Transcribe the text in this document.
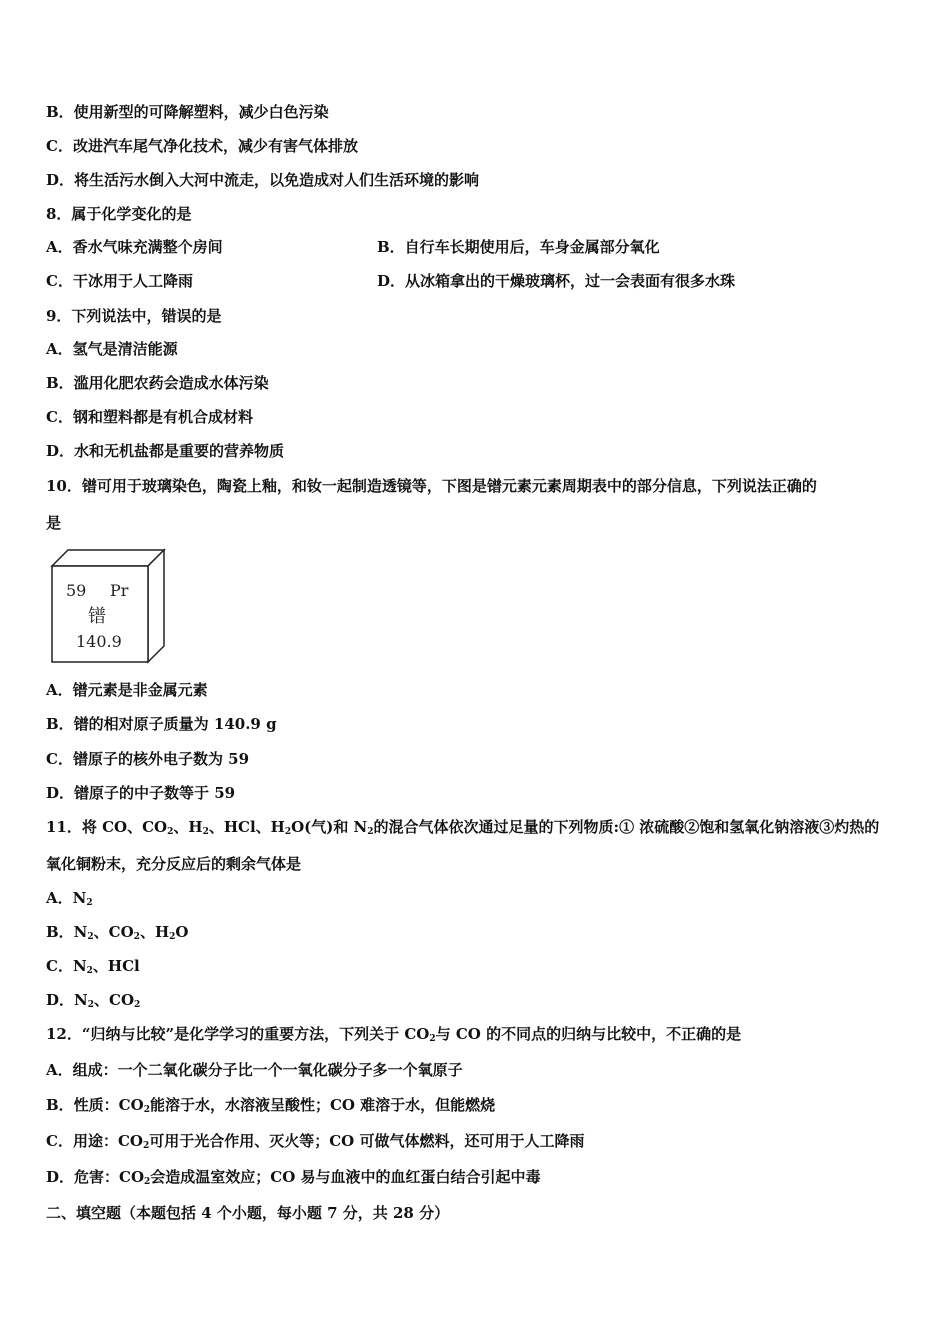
B．使用新型的可降解塑料，减少白色污染
C．改进汽车尾气净化技术，减少有害气体排放
D．将生活污水倒入大河中流走，以免造成对人们生活环境的影响
8．属于化学变化的是
A．香水气味充满整个房间	B．自行车长期使用后，车身金属部分氧化
C．干冰用于人工降雨	D．从冰箱拿出的干燥玻璃杯，过一会表面有很多水珠
9．下列说法中，错误的是
A．氢气是清洁能源
B．滥用化肥农药会造成水体污染
C．钢和塑料都是有机合成材料
D．水和无机盐都是重要的营养物质
10．镨可用于玻璃染色，陶瓷上釉，和钕一起制造透镜等，下图是镨元素元素周期表中的部分信息，下列说法正确的
是
59 Pr
镨
140.9
A．镨元素是非金属元素
B．镨的相对原子质量为 140.9 g
C．镨原子的核外电子数为 59
D．镨原子的中子数等于 59
11．将 CO、$CO_2$、$H_2$、HCl、$H_2O$(气)和 $N_2$的混合气体依次通过足量的下列物质:① 浓硫酸②饱和氢氧化钠溶液③灼热的
氧化铜粉末，充分反应后的剩余气体是
A．$N_2$
B．$N_2$、$CO_2$、$H_2O$
C．$N_2$、HCl
D．$N_2$、$CO_2$
12．“归纳与比较”是化学学习的重要方法，下列关于 $CO_2$与 CO 的不同点的归纳与比较中，不正确的是
A．组成：一个二氧化碳分子比一个一氧化碳分子多一个氧原子
B．性质：$CO_2$能溶于水，水溶液呈酸性；CO 难溶于水，但能燃烧
C．用途：$CO_2$可用于光合作用、灭火等；CO 可做气体燃料，还可用于人工降雨
D．危害：$CO_2$会造成温室效应；CO 易与血液中的血红蛋白结合引起中毒
二、填空题（本题包括 4 个小题，每小题 7 分，共 28 分）
